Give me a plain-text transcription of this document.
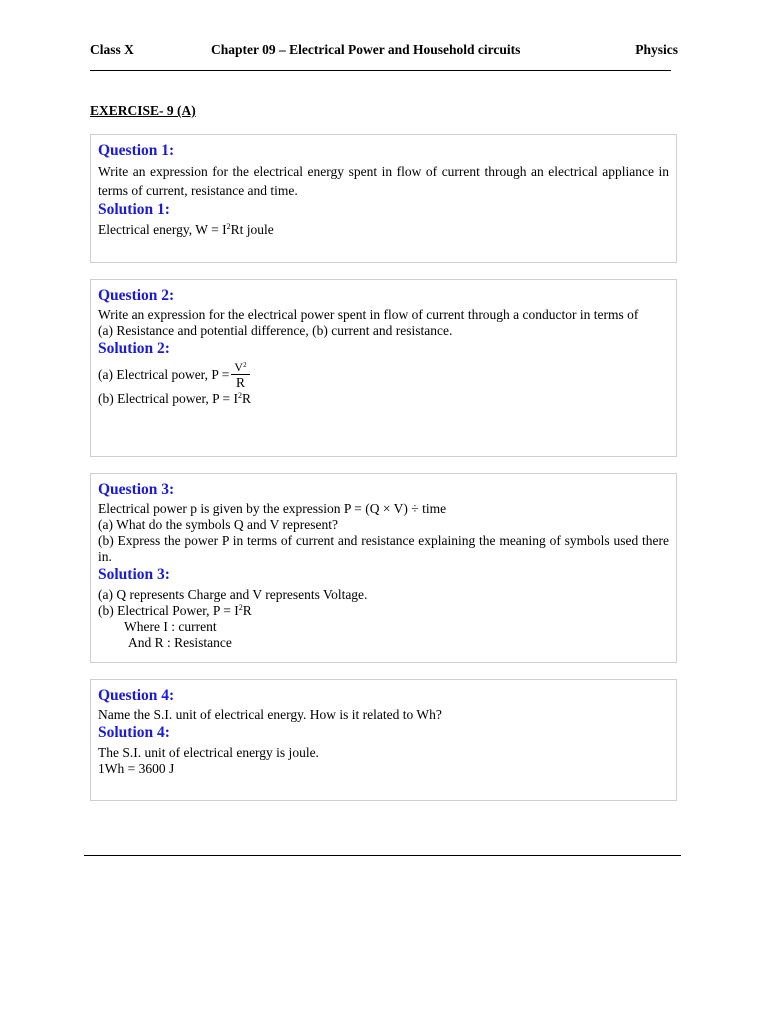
Class X	Chapter 09 – Electrical Power and Household circuits	Physics
EXERCISE- 9 (A)
Question 1:
Write an expression for the electrical energy spent in flow of current through an electrical appliance in terms of current, resistance and time.
Solution 1:
Electrical energy, $W = I^2Rt$ joule
Question 2:
Write an expression for the electrical power spent in flow of current through a conductor in terms of
(a) Resistance and potential difference, (b) current and resistance.
Solution 2:
(a) Electrical power, $P = \frac{V^2}{R}$
(b) Electrical power, $P = I^2R$
Question 3:
Electrical power p is given by the expression P = (Q × V) ÷ time
(a) What do the symbols Q and V represent?
(b) Express the power P in terms of current and resistance explaining the meaning of symbols used there in.
Solution 3:
(a) Q represents Charge and V represents Voltage.
(b) Electrical Power, $P = I^2R$
Where I : current
And R : Resistance
Question 4:
Name the S.I. unit of electrical energy. How is it related to Wh?
Solution 4:
The S.I. unit of electrical energy is joule.
1Wh = 3600 J
